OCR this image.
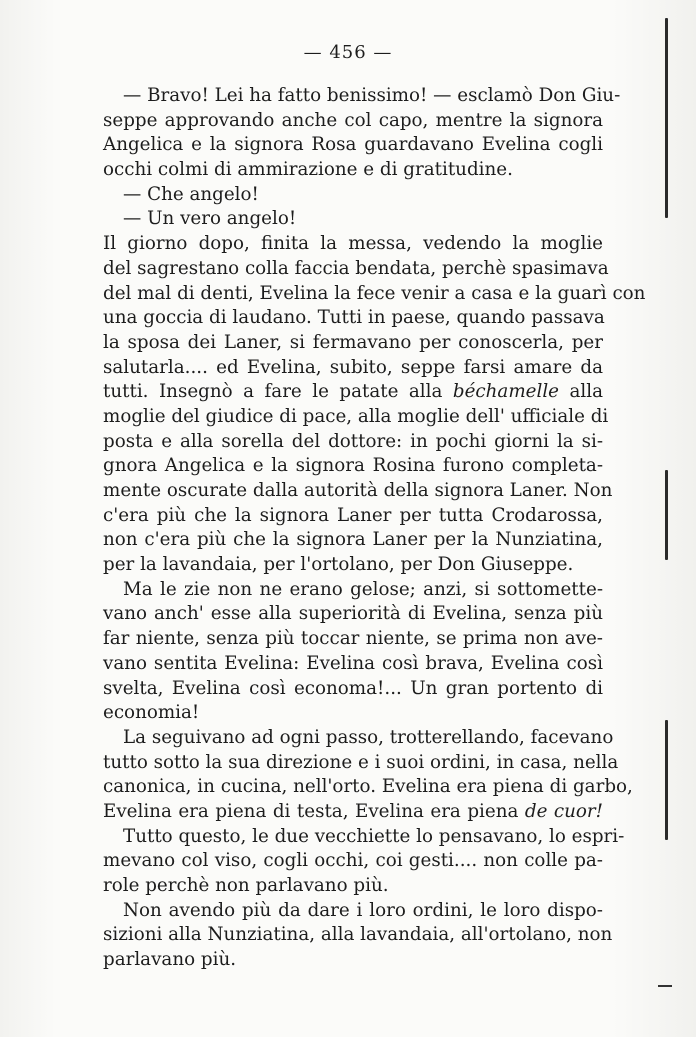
— 456 —
— Bravo! Lei ha fatto benissimo! — esclamò Don Giu-
seppe approvando anche col capo, mentre la signora
Angelica e la signora Rosa guardavano Evelina cogli
occhi colmi di ammirazione e di gratitudine.
— Che angelo!
— Un vero angelo!
Il giorno dopo, finita la messa, vedendo la moglie
del sagrestano colla faccia bendata, perchè spasimava
del mal di denti, Evelina la fece venir a casa e la guarì con
una goccia di laudano. Tutti in paese, quando passava
la sposa dei Laner, si fermavano per conoscerla, per
salutarla.... ed Evelina, subito, seppe farsi amare da
tutti. Insegnò a fare le patate alla béchamelle alla
moglie del giudice di pace, alla moglie dell' ufficiale di
posta e alla sorella del dottore: in pochi giorni la si-
gnora Angelica e la signora Rosina furono completa-
mente oscurate dalla autorità della signora Laner. Non
c'era più che la signora Laner per tutta Crodarossa,
non c'era più che la signora Laner per la Nunziatina,
per la lavandaia, per l'ortolano, per Don Giuseppe.
Ma le zie non ne erano gelose; anzi, si sottomette-
vano anch' esse alla superiorità di Evelina, senza più
far niente, senza più toccar niente, se prima non ave-
vano sentita Evelina: Evelina così brava, Evelina così
svelta, Evelina così economa!... Un gran portento di
economia!
La seguivano ad ogni passo, trotterellando, facevano
tutto sotto la sua direzione e i suoi ordini, in casa, nella
canonica, in cucina, nell'orto. Evelina era piena di garbo,
Evelina era piena di testa, Evelina era piena de cuor!
Tutto questo, le due vecchiette lo pensavano, lo espri-
mevano col viso, cogli occhi, coi gesti.... non colle pa-
role perchè non parlavano più.
Non avendo più da dare i loro ordini, le loro dispo-
sizioni alla Nunziatina, alla lavandaia, all'ortolano, non
parlavano più.
